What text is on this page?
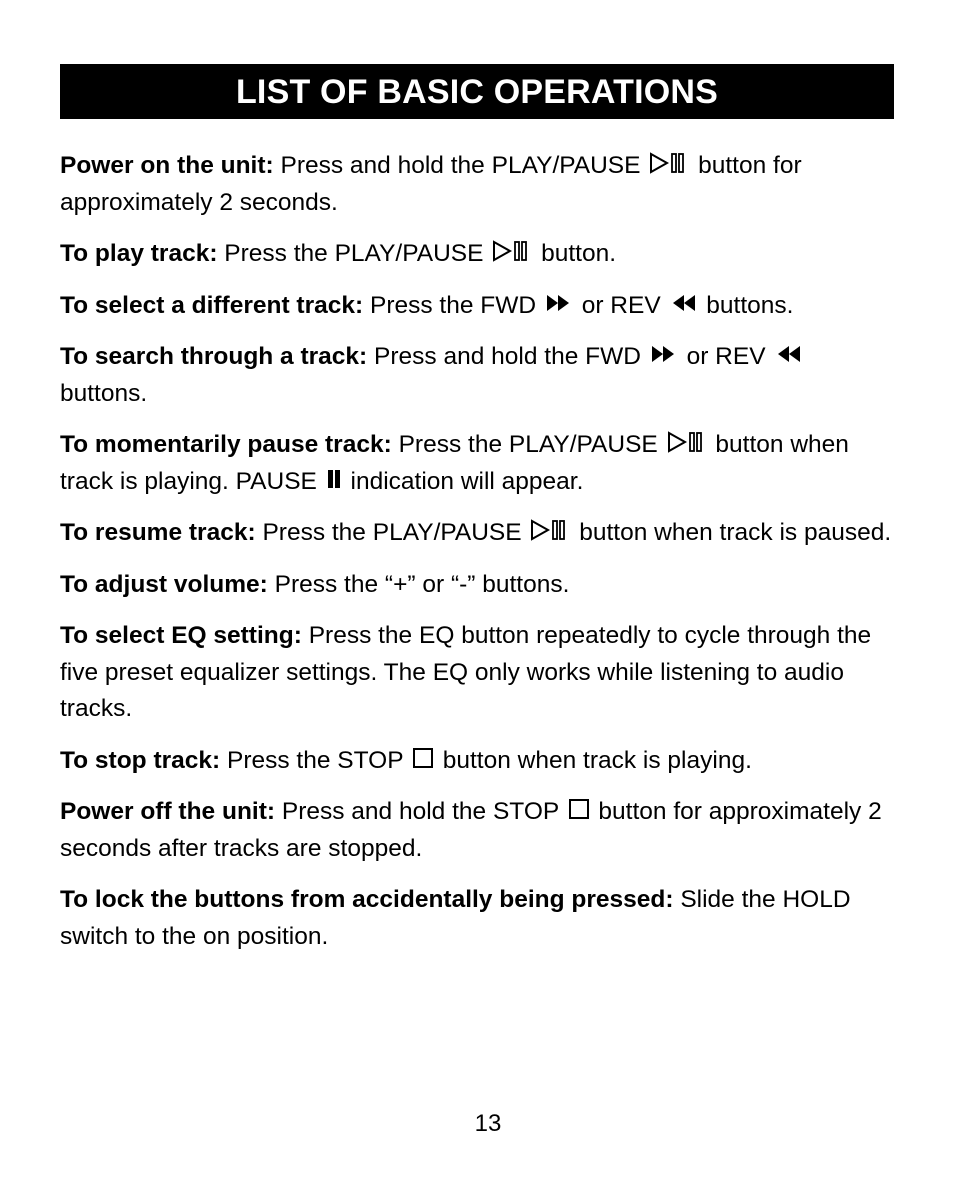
LIST OF BASIC OPERATIONS

Power on the unit: Press and hold the PLAY/PAUSE button for approximately 2 seconds.

To play track: Press the PLAY/PAUSE button.

To select a different track: Press the FWD or REV buttons.

To search through a track: Press and hold the FWD or REV
buttons.

To momentarily pause track: Press the PLAY/PAUSE button when track is playing. PAUSE indication will appear.

To resume track: Press the PLAY/PAUSE button when track is paused.

To adjust volume: Press the “+” or “-” buttons.

To select EQ setting: Press the EQ button repeatedly to cycle through the five preset equalizer settings. The EQ only works while listening to audio tracks.

To stop track: Press the STOP button when track is playing.

Power off the unit: Press and hold the STOP button for approximately 2 seconds after tracks are stopped.

To lock the buttons from accidentally being pressed: Slide the HOLD switch to the on position.

13
